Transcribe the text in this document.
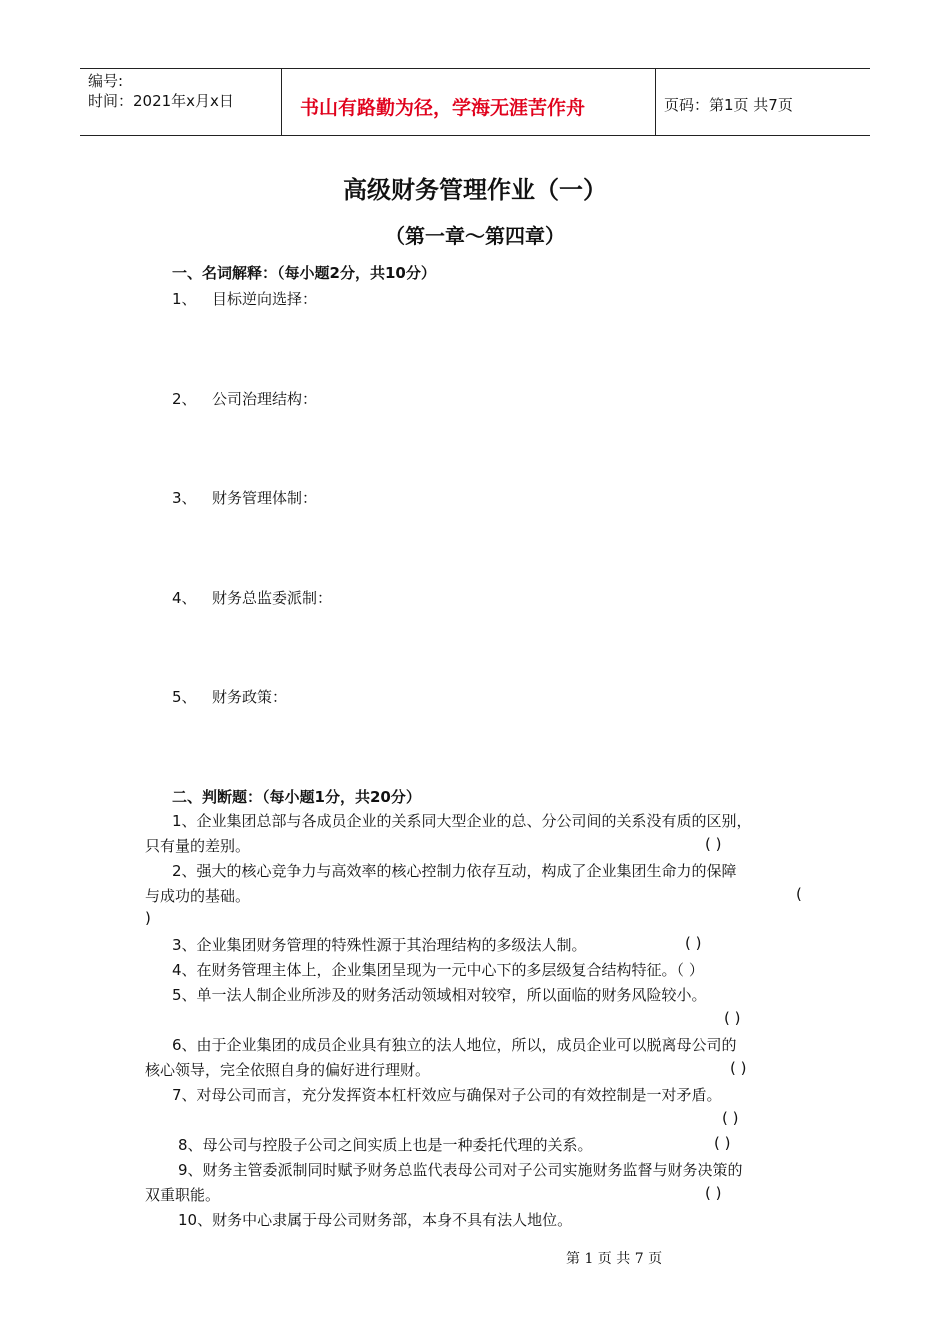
编号:
时间：2021年x月x日	书山有路勤为径，学海无涯苦作舟	页码：第1页 共7页
高级财务管理作业（一）
（第一章～第四章）
一、名词解释：（每小题2分，共10分）
1、 目标逆向选择：
2、 公司治理结构：
3、 财务管理体制：
4、 财务总监委派制：
5、 财务政策：
二、判断题：（每小题1分，共20分）
1、企业集团总部与各成员企业的关系同大型企业的总、分公司间的关系没有质的区别，
只有量的差别。	( )
2、强大的核心竞争力与高效率的核心控制力依存互动，构成了企业集团生命力的保障
与成功的基础。	(
)
3、企业集团财务管理的特殊性源于其治理结构的多级法人制。	( )
4、在财务管理主体上，企业集团呈现为一元中心下的多层级复合结构特征。（ ）
5、单一法人制企业所涉及的财务活动领域相对较窄，所以面临的财务风险较小。
( )
6、由于企业集团的成员企业具有独立的法人地位，所以，成员企业可以脱离母公司的
核心领导，完全依照自身的偏好进行理财。	( )
7、对母公司而言，充分发挥资本杠杆效应与确保对子公司的有效控制是一对矛盾。
( )
8、母公司与控股子公司之间实质上也是一种委托代理的关系。	( )
9、财务主管委派制同时赋予财务总监代表母公司对子公司实施财务监督与财务决策的
双重职能。	( )
10、财务中心隶属于母公司财务部，本身不具有法人地位。
第 1 页 共 7 页
